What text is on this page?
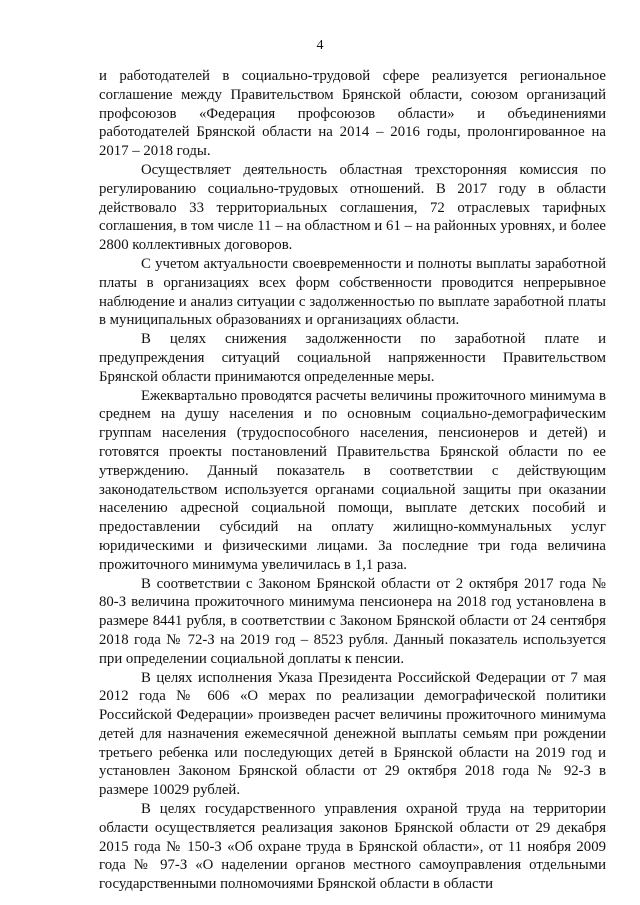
4

и работодателей в социально-трудовой сфере реализуется региональное соглашение между Правительством Брянской области, союзом организаций профсоюзов «Федерация профсоюзов области» и объединениями работодателей Брянской области на 2014 – 2016 годы, пролонгированное на 2017 – 2018 годы.

Осуществляет деятельность областная трехсторонняя комиссия по регулированию социально-трудовых отношений. В 2017 году в области действовало 33 территориальных соглашения, 72 отраслевых тарифных соглашения, в том числе 11 – на областном и 61 – на районных уровнях, и более 2800 коллективных договоров.

С учетом актуальности своевременности и полноты выплаты заработной платы в организациях всех форм собственности проводится непрерывное наблюдение и анализ ситуации с задолженностью по выплате заработной платы в муниципальных образованиях и организациях области.

В целях снижения задолженности по заработной плате и предупреждения ситуаций социальной напряженности Правительством Брянской области принимаются определенные меры.

Ежеквартально проводятся расчеты величины прожиточного минимума в среднем на душу населения и по основным социально-демографическим группам населения (трудоспособного населения, пенсионеров и детей) и готовятся проекты постановлений Правительства Брянской области по ее утверждению. Данный показатель в соответствии с действующим законодательством используется органами социальной защиты при оказании населению адресной социальной помощи, выплате детских пособий и предоставлении субсидий на оплату жилищно-коммунальных услуг юридическими и физическими лицами. За последние три года величина прожиточного минимума увеличилась в 1,1 раза.

В соответствии с Законом Брянской области от 2 октября 2017 года № 80-З величина прожиточного минимума пенсионера на 2018 год установлена в размере 8441 рубля, в соответствии с Законом Брянской области от 24 сентября 2018 года № 72-З на 2019 год – 8523 рубля. Данный показатель используется при определении социальной доплаты к пенсии.

В целях исполнения Указа Президента Российской Федерации от 7 мая 2012 года № 606 «О мерах по реализации демографической политики Российской Федерации» произведен расчет величины прожиточного минимума детей для назначения ежемесячной денежной выплаты семьям при рождении третьего ребенка или последующих детей в Брянской области на 2019 год и установлен Законом Брянской области от 29 октября 2018 года № 92-З в размере 10029 рублей.

В целях государственного управления охраной труда на территории области осуществляется реализация законов Брянской области от 29 декабря 2015 года № 150-З «Об охране труда в Брянской области», от 11 ноября 2009 года № 97-З «О наделении органов местного самоуправления отдельными государственными полномочиями Брянской области в области
